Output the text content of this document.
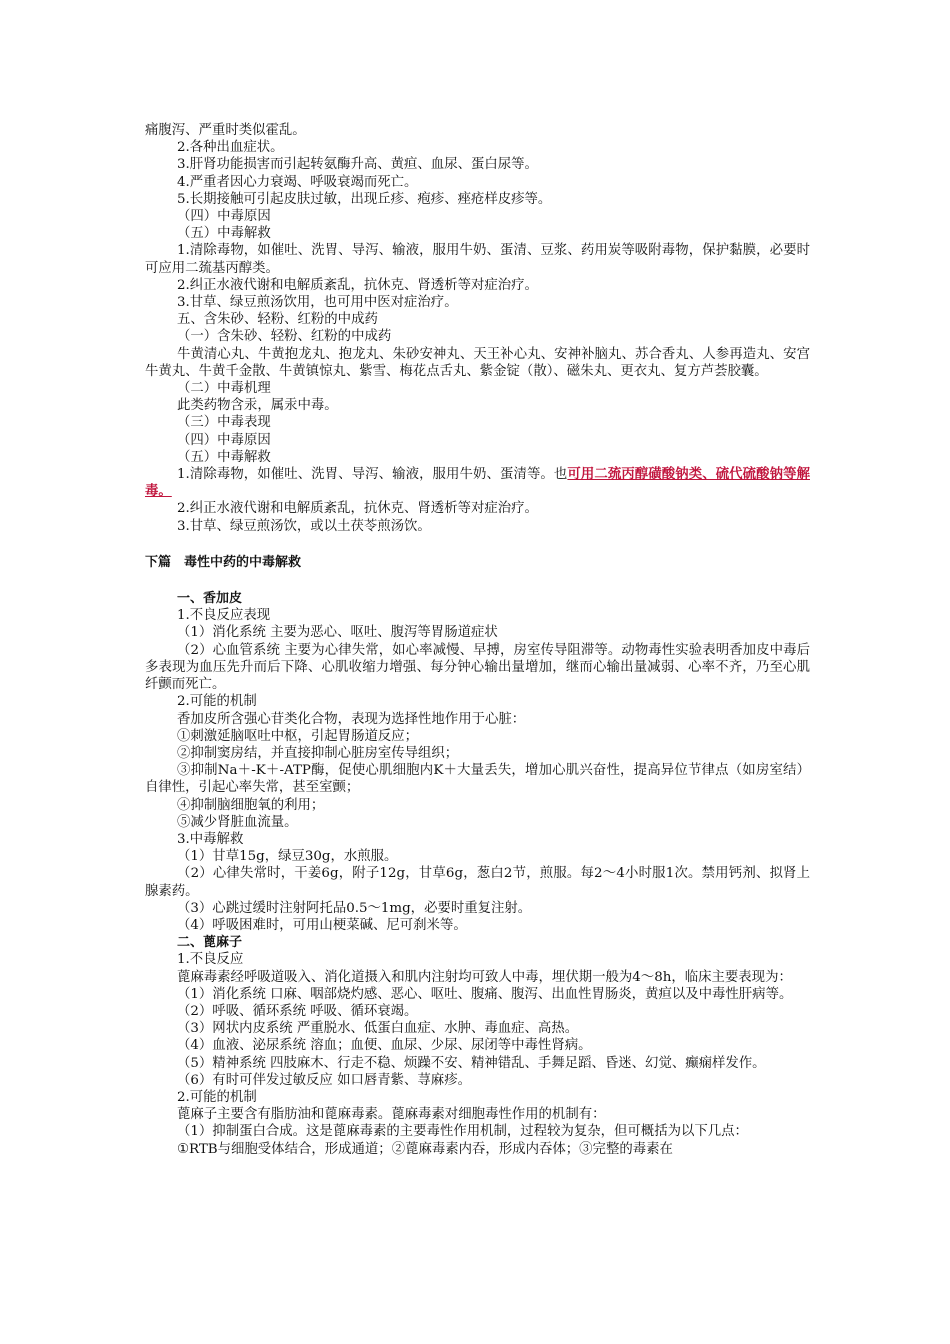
痛腹泻、严重时类似霍乱。

2.各种出血症状。

3.肝肾功能损害而引起转氨酶升高、黄疸、血尿、蛋白尿等。

4.严重者因心力衰竭、呼吸衰竭而死亡。

5.长期接触可引起皮肤过敏，出现丘疹、疱疹、痤疮样皮疹等。

（四）中毒原因

（五）中毒解救

1.清除毒物，如催吐、洗胃、导泻、输液，服用牛奶、蛋清、豆浆、药用炭等吸附毒物，保护黏膜，必要时可应用二巯基丙醇类。

2.纠正水液代谢和电解质紊乱，抗休克、肾透析等对症治疗。

3.甘草、绿豆煎汤饮用，也可用中医对症治疗。

五、含朱砂、轻粉、红粉的中成药

（一）含朱砂、轻粉、红粉的中成药

牛黄清心丸、牛黄抱龙丸、抱龙丸、朱砂安神丸、天王补心丸、安神补脑丸、苏合香丸、人参再造丸、安宫牛黄丸、牛黄千金散、牛黄镇惊丸、紫雪、梅花点舌丸、紫金锭（散）、磁朱丸、更衣丸、复方芦荟胶囊。

（二）中毒机理

此类药物含汞，属汞中毒。

（三）中毒表现

（四）中毒原因

（五）中毒解救

1.清除毒物，如催吐、洗胃、导泻、输液，服用牛奶、蛋清等。也可用二巯丙醇磺酸钠类、硫代硫酸钠等解毒。

2.纠正水液代谢和电解质紊乱，抗休克、肾透析等对症治疗。

3.甘草、绿豆煎汤饮，或以土茯苓煎汤饮。

下篇　毒性中药的中毒解救

一、香加皮

1.不良反应表现

（1）消化系统 主要为恶心、呕吐、腹泻等胃肠道症状

（2）心血管系统 主要为心律失常，如心率减慢、早搏，房室传导阻滞等。动物毒性实验表明香加皮中毒后多表现为血压先升而后下降、心肌收缩力增强、每分钟心输出量增加，继而心输出量减弱、心率不齐，乃至心肌纤颤而死亡。

2.可能的机制

香加皮所含强心苷类化合物，表现为选择性地作用于心脏：

①刺激延脑呕吐中枢，引起胃肠道反应；

②抑制窦房结，并直接抑制心脏房室传导组织；

③抑制Na＋-K＋-ATP酶，促使心肌细胞内K＋大量丢失，增加心肌兴奋性，提高异位节律点（如房室结）自律性，引起心率失常，甚至室颤；

④抑制脑细胞氧的利用；

⑤减少肾脏血流量。

3.中毒解救

（1）甘草15g，绿豆30g，水煎服。

（2）心律失常时，干姜6g，附子12g，甘草6g，葱白2节，煎服。每2～4小时服1次。禁用钙剂、拟肾上腺素药。

（3）心跳过缓时注射阿托品0.5～1mg，必要时重复注射。

（4）呼吸困难时，可用山梗菜碱、尼可刹米等。

二、蓖麻子

1.不良反应

蓖麻毒素经呼吸道吸入、消化道摄入和肌内注射均可致人中毒，埋伏期一般为4～8h，临床主要表现为：

（1）消化系统 口麻、咽部烧灼感、恶心、呕吐、腹痛、腹泻、出血性胃肠炎，黄疸以及中毒性肝病等。

（2）呼吸、循环系统 呼吸、循环衰竭。

（3）网状内皮系统 严重脱水、低蛋白血症、水肿、毒血症、高热。

（4）血液、泌尿系统 溶血；血便、血尿、少尿、尿闭等中毒性肾病。

（5）精神系统 四肢麻木、行走不稳、烦躁不安、精神错乱、手舞足蹈、昏迷、幻觉、癫痫样发作。

（6）有时可伴发过敏反应 如口唇青紫、荨麻疹。

2.可能的机制

蓖麻子主要含有脂肪油和蓖麻毒素。蓖麻毒素对细胞毒性作用的机制有：

（1）抑制蛋白合成。这是蓖麻毒素的主要毒性作用机制，过程较为复杂，但可概括为以下几点：

①RTB与细胞受体结合，形成通道；②蓖麻毒素内吞，形成内吞体；③完整的毒素在
